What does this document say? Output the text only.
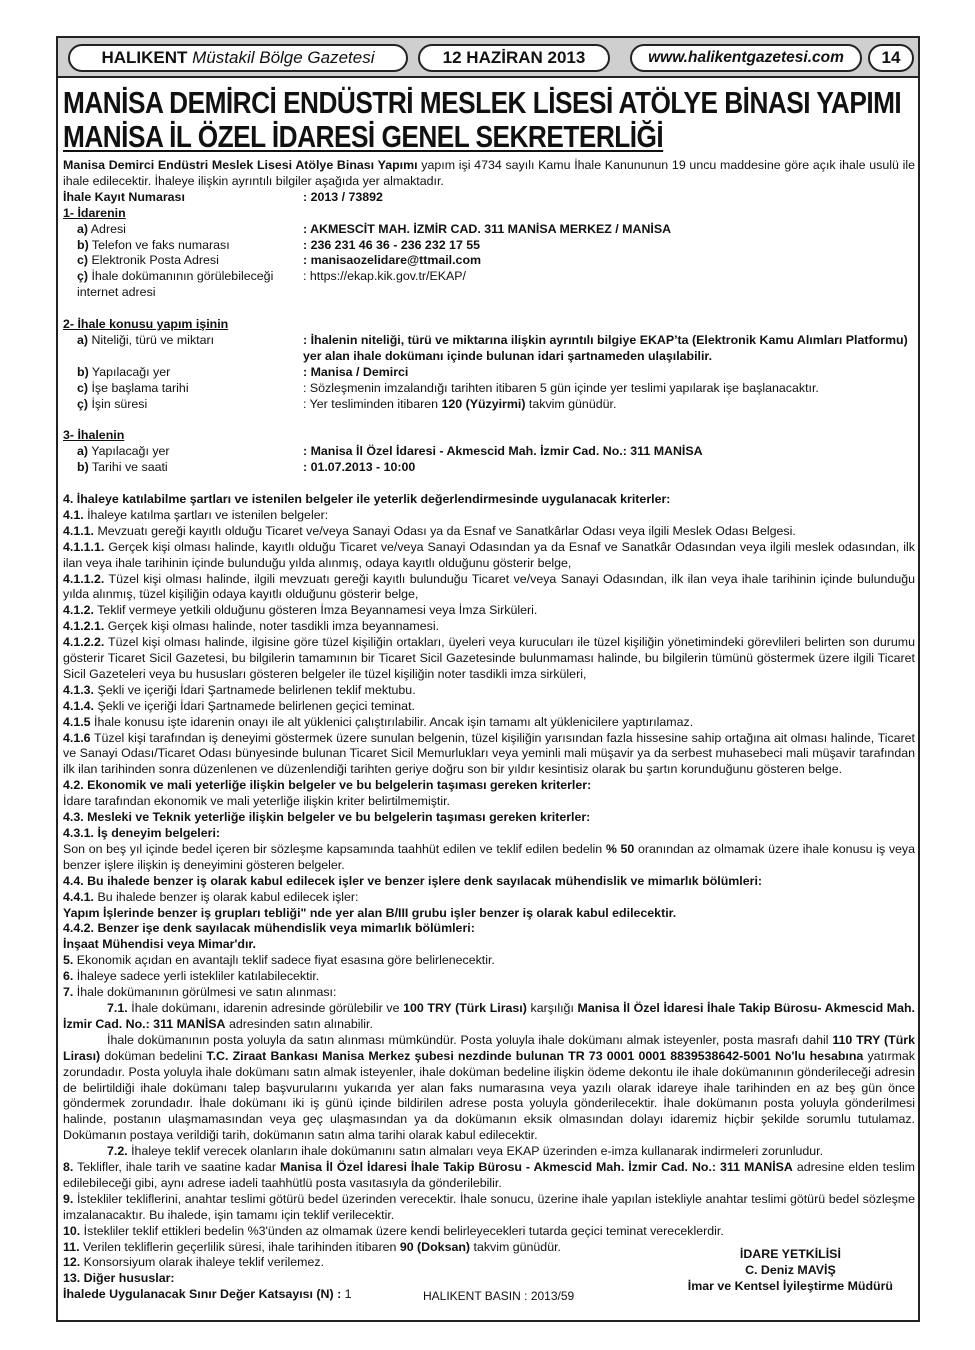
HALIKENT
Müstakil Bölge Gazetesi	12 HAZİRAN 2013	www.halikentgazetesi.com	14
MANİSA DEMİRCİ ENDÜSTRİ MESLEK LİSESİ ATÖLYE BİNASI YAPIMI
MANİSA İL ÖZEL İDARESİ GENEL SEKRETERLİĞİ

Manisa Demirci Endüstri Meslek Lisesi Atölye Binası Yapımı yapım işi 4734 sayılı Kamu İhale Kanununun 19 uncu maddesine göre açık ihale usulü ile ihale edilecektir. İhaleye ilişkin ayrıntılı bilgiler aşağıda yer almaktadır.

İhale Kayıt Numarası	: 2013 / 73892
1- İdarenin
a) Adresi	: AKMESCİT MAH. İZMİR CAD. 311 MANİSA MERKEZ / MANİSA
b) Telefon ve faks numarası	: 236 231 46 36 - 236 232 17 55
c) Elektronik Posta Adresi	: manisaozelidare@ttmail.com
ç) İhale dokümanının görülebileceği internet adresi
: https://ekap.kik.gov.tr/EKAP/
2- İhale konusu yapım işinin
a) Niteliği, türü ve miktarı	: İhalenin niteliği, türü ve miktarına ilişkin ayrıntılı bilgiye EKAP’ta (Elektronik Kamu Alımları Platformu) yer alan ihale dokümanı içinde bulunan idari şartnameden ulaşılabilir.
b) Yapılacağı yer	: Manisa / Demirci
c) İşe başlama tarihi	: Sözleşmenin imzalandığı tarihten itibaren 5 gün içinde yer teslimi yapılarak işe başlanacaktır.
ç) İşin süresi	: Yer tesliminden itibaren 120 (Yüzyirmi) takvim günüdür.
3- İhalenin
a) Yapılacağı yer	: Manisa İl Özel İdaresi - Akmescid Mah. İzmir Cad. No.: 311 MANİSA
b) Tarihi ve saati	: 01.07.2013 - 10:00

4. İhaleye katılabilme şartları ve istenilen belgeler ile yeterlik değerlendirmesinde uygulanacak kriterler:

4.1. İhaleye katılma şartları ve istenilen belgeler:

4.1.1. Mevzuatı gereği kayıtlı olduğu Ticaret ve/veya Sanayi Odası ya da Esnaf ve Sanatkârlar Odası veya ilgili Meslek Odası Belgesi.

4.1.1.1. Gerçek kişi olması halinde, kayıtlı olduğu Ticaret ve/veya Sanayi Odasından ya da Esnaf ve Sanatkâr Odasından veya ilgili meslek odasından, ilk ilan veya ihale tarihinin içinde bulunduğu yılda alınmış, odaya kayıtlı olduğunu gösterir belge,

4.1.1.2. Tüzel kişi olması halinde, ilgili mevzuatı gereği kayıtlı bulunduğu Ticaret ve/veya Sanayi Odasından, ilk ilan veya ihale tarihinin içinde bulunduğu yılda alınmış, tüzel kişiliğin odaya kayıtlı olduğunu gösterir belge,

4.1.2. Teklif vermeye yetkili olduğunu gösteren İmza Beyannamesi veya İmza Sirküleri.

4.1.2.1. Gerçek kişi olması halinde, noter tasdikli imza beyannamesi.

4.1.2.2. Tüzel kişi olması halinde, ilgisine göre tüzel kişiliğin ortakları, üyeleri veya kurucuları ile tüzel kişiliğin yönetimindeki görevlileri belirten son durumu gösterir Ticaret Sicil Gazetesi, bu bilgilerin tamamının bir Ticaret Sicil Gazetesinde bulunmaması halinde, bu bilgilerin tümünü göstermek üzere ilgili Ticaret Sicil Gazeteleri veya bu hususları gösteren belgeler ile tüzel kişiliğin noter tasdikli imza sirküleri,

4.1.3. Şekli ve içeriği İdari Şartnamede belirlenen teklif mektubu.

4.1.4. Şekli ve içeriği İdari Şartnamede belirlenen geçici teminat.

4.1.5 İhale konusu işte idarenin onayı ile alt yüklenici çalıştırılabilir. Ancak işin tamamı alt yüklenicilere yaptırılamaz.

4.1.6 Tüzel kişi tarafından iş deneyimi göstermek üzere sunulan belgenin, tüzel kişiliğin yarısından fazla hissesine sahip ortağına ait olması halinde, Ticaret ve Sanayi Odası/Ticaret Odası bünyesinde bulunan Ticaret Sicil Memurlukları veya yeminli mali müşavir ya da serbest muhasebeci mali müşavir tarafından ilk ilan tarihinden sonra düzenlenen ve düzenlendiği tarihten geriye doğru son bir yıldır kesintisiz olarak bu şartın korunduğunu gösteren belge.

4.2. Ekonomik ve mali yeterliğe ilişkin belgeler ve bu belgelerin taşıması gereken kriterler:

İdare tarafından ekonomik ve mali yeterliğe ilişkin kriter belirtilmemiştir.

4.3. Mesleki ve Teknik yeterliğe ilişkin belgeler ve bu belgelerin taşıması gereken kriterler:

4.3.1. İş deneyim belgeleri:

Son on beş yıl içinde bedel içeren bir sözleşme kapsamında taahhüt edilen ve teklif edilen bedelin % 50 oranından az olmamak üzere ihale konusu iş veya benzer işlere ilişkin iş deneyimini gösteren belgeler.

4.4. Bu ihalede benzer iş olarak kabul edilecek işler ve benzer işlere denk sayılacak mühendislik ve mimarlık bölümleri:

4.4.1. Bu ihalede benzer iş olarak kabul edilecek işler:

Yapım İşlerinde benzer iş grupları tebliği" nde yer alan B/III grubu işler benzer iş olarak kabul edilecektir.

4.4.2. Benzer işe denk sayılacak mühendislik veya mimarlık bölümleri:

İnşaat Mühendisi veya Mimar'dır.

5. Ekonomik açıdan en avantajlı teklif sadece fiyat esasına göre belirlenecektir.

6. İhaleye sadece yerli istekliler katılabilecektir.

7. İhale dokümanının görülmesi ve satın alınması:

7.1. İhale dokümanı, idarenin adresinde görülebilir ve 100 TRY (Türk Lirası) karşılığı Manisa İl Özel İdaresi İhale Takip Bürosu- Akmescid Mah. İzmir Cad. No.: 311 MANİSA adresinden satın alınabilir.

İhale dokümanının posta yoluyla da satın alınması mümkündür. Posta yoluyla ihale dokümanı almak isteyenler, posta masrafı dahil 110 TRY (Türk Lirası) doküman bedelini T.C. Ziraat Bankası Manisa Merkez şubesi nezdinde bulunan TR 73 0001 0001 8839538642-5001 No'lu hesabına yatırmak zorundadır. Posta yoluyla ihale dokümanı satın almak isteyenler, ihale doküman bedeline ilişkin ödeme dekontu ile ihale dokümanının gönderileceği adresin de belirtildiği ihale dokümanı talep başvurularını yukarıda yer alan faks numarasına veya yazılı olarak idareye ihale tarihinden en az beş gün önce göndermek zorundadır. İhale dokümanı iki iş günü içinde bildirilen adrese posta yoluyla gönderilecektir. İhale dokümanın posta yoluyla gönderilmesi halinde, postanın ulaşmamasından veya geç ulaşmasından ya da dokümanın eksik olmasından dolayı idaremiz hiçbir şekilde sorumlu tutulamaz. Dokümanın postaya verildiği tarih, dokümanın satın alma tarihi olarak kabul edilecektir.

7.2. İhaleye teklif verecek olanların ihale dokümanını satın almaları veya EKAP üzerinden e-imza kullanarak indirmeleri zorunludur.

8. Teklifler, ihale tarih ve saatine kadar Manisa İl Özel İdaresi İhale Takip Bürosu - Akmescid Mah. İzmir Cad. No.: 311 MANİSA adresine elden teslim edilebileceği gibi, aynı adrese iadeli taahhütlü posta vasıtasıyla da gönderilebilir.

9. İstekliler tekliflerini, anahtar teslimi götürü bedel üzerinden verecektir. İhale sonucu, üzerine ihale yapılan istekliyle anahtar teslimi götürü bedel sözleşme imzalanacaktır. Bu ihalede, işin tamamı için teklif verilecektir.

10. İstekliler teklif ettikleri bedelin %3'ünden az olmamak üzere kendi belirleyecekleri tutarda geçici teminat vereceklerdir.

11. Verilen tekliflerin geçerlilik süresi, ihale tarihinden itibaren 90 (Doksan) takvim günüdür.

12. Konsorsiyum olarak ihaleye teklif verilemez.

13. Diğer hususlar:

İhalede Uygulanacak Sınır Değer Katsayısı (N) : 1	HALIKENT BASIN : 2013/59
İDARE YETKİLİSİ
C. Deniz MAVİŞ
İmar ve Kentsel İyileştirme Müdürü
